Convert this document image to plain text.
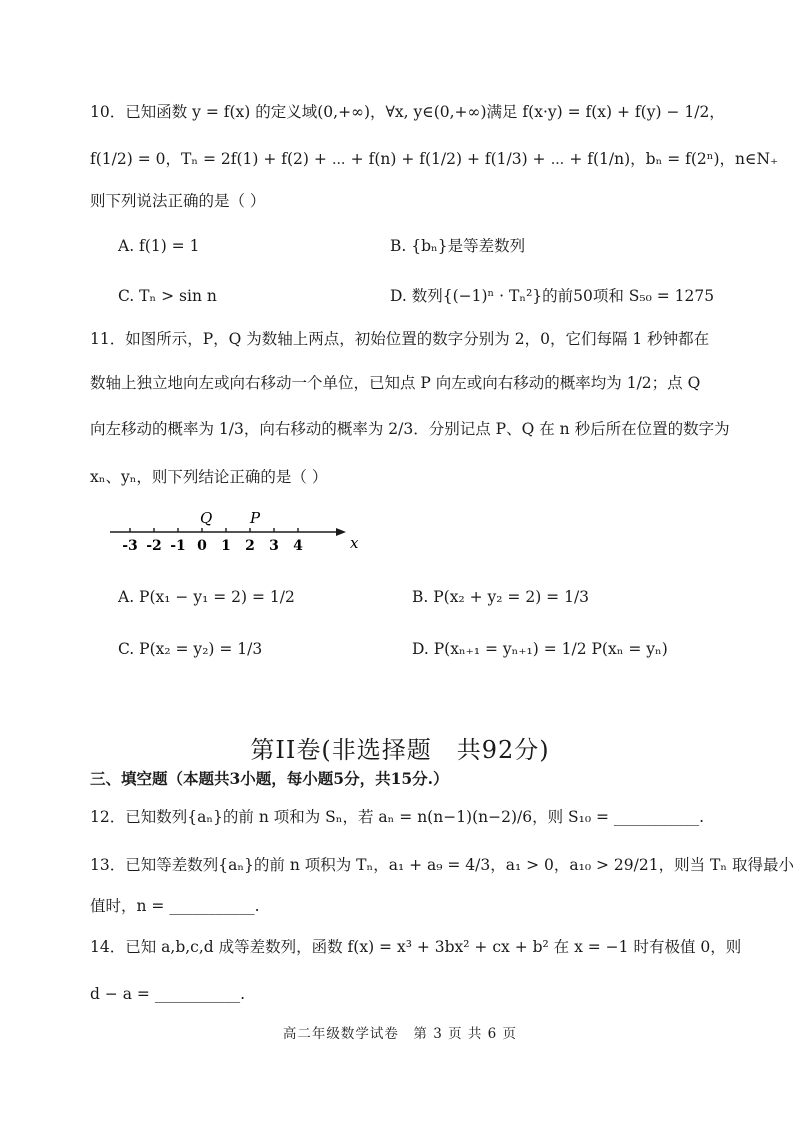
10．已知函数 y = f(x) 的定义域(0,+∞)，∀x, y∈(0,+∞)满足 f(x·y) = f(x) + f(y) − 1/2，
f(1/2) = 0，Tₙ = 2f(1) + f(2) + ⋯ + f(n) + f(1/2) + f(1/3) + ⋯ + f(1/n)，bₙ = f(2ⁿ)，n∈N₊
则下列说法正确的是（ ）
A. f(1) = 1	B. {bₙ}是等差数列
C. Tₙ > sin n	D. 数列{(−1)ⁿ · Tₙ²}的前50项和 S₅₀ = 1275
11．如图所示，P，Q 为数轴上两点，初始位置的数字分别为 2，0，它们每隔 1 秒钟都在
数轴上独立地向左或向右移动一个单位，已知点 P 向左或向右移动的概率均为 1/2；点 Q
向左移动的概率为 1/3，向右移动的概率为 2/3．分别记点 P、Q 在 n 秒后所在位置的数字为
xₙ、yₙ，则下列结论正确的是（ ）
-3 -2 -1 0 1 2 3 4	x
Q	P
A. P(x₁ − y₁ = 2) = 1/2	B. P(x₂ + y₂ = 2) = 1/3
C. P(x₂ = y₂) = 1/3	D. P(xₙ₊₁ = yₙ₊₁) = 1/2 P(xₙ = yₙ)
第II卷(非选择题　共92分)
三、填空题（本题共3小题，每小题5分，共15分.）
12．已知数列{aₙ}的前 n 项和为 Sₙ，若 aₙ = n(n−1)(n−2)/6，则 S₁₀ = ___________.
13．已知等差数列{aₙ}的前 n 项积为 Tₙ，a₁ + a₉ = 4/3，a₁ > 0，a₁₀ > 29/21，则当 Tₙ 取得最小
值时，n = ___________.
14．已知 a,b,c,d 成等差数列，函数 f(x) = x³ + 3bx² + cx + b² 在 x = −1 时有极值 0，则
d − a = ___________.
高二年级数学试卷　第 3 页 共 6 页
